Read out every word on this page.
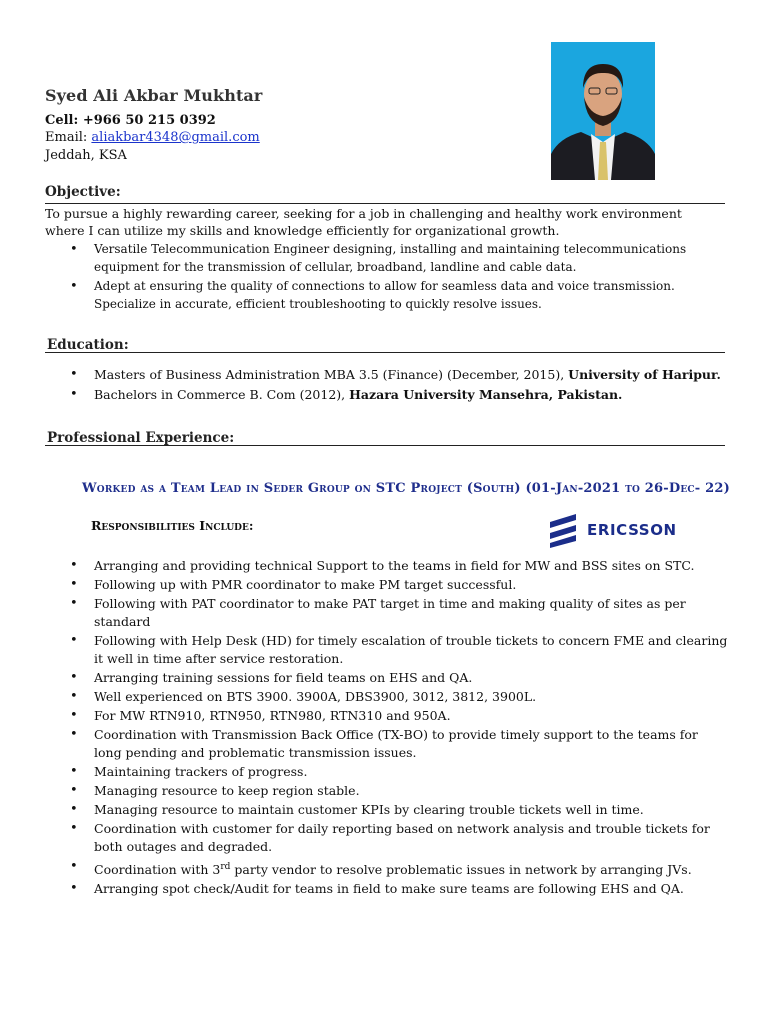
Syed Ali Akbar Mukhtar
Cell: +966 50 215 0392
Email: aliakbar4348@gmail.com
Jeddah, KSA
Objective:
To pursue a highly rewarding career, seeking for a job in challenging and healthy work environment where I can utilize my skills and knowledge efficiently for organizational growth.
• Versatile Telecommunication Engineer designing, installing and maintaining telecommunications equipment for the transmission of cellular, broadband, landline and cable data.
• Adept at ensuring the quality of connections to allow for seamless data and voice transmission. Specialize in accurate, efficient troubleshooting to quickly resolve issues.
Education:
• Masters of Business Administration MBA 3.5 (Finance) (December, 2015), University of Haripur.
• Bachelors in Commerce B. Com (2012), Hazara University Mansehra, Pakistan.
Professional Experience:
Worked as a Team Lead in Seder Group on STC Project (South) (01-Jan-2021 to 26-Dec- 22)
Responsibilities Include:	ERICSSON
• Arranging and providing technical Support to the teams in field for MW and BSS sites on STC.
• Following up with PMR coordinator to make PM target successful.
• Following with PAT coordinator to make PAT target in time and making quality of sites as per standard
• Following with Help Desk (HD) for timely escalation of trouble tickets to concern FME and clearing it well in time after service restoration.
• Arranging training sessions for field teams on EHS and QA.
• Well experienced on BTS 3900. 3900A, DBS3900, 3012, 3812, 3900L.
• For MW RTN910, RTN950, RTN980, RTN310 and 950A.
• Coordination with Transmission Back Office (TX-BO) to provide timely support to the teams for long pending and problematic transmission issues.
• Maintaining trackers of progress.
• Managing resource to keep region stable.
• Managing resource to maintain customer KPIs by clearing trouble tickets well in time.
• Coordination with customer for daily reporting based on network analysis and trouble tickets for both outages and degraded.
• Coordination with 3rd party vendor to resolve problematic issues in network by arranging JVs.
• Arranging spot check/Audit for teams in field to make sure teams are following EHS and QA.
